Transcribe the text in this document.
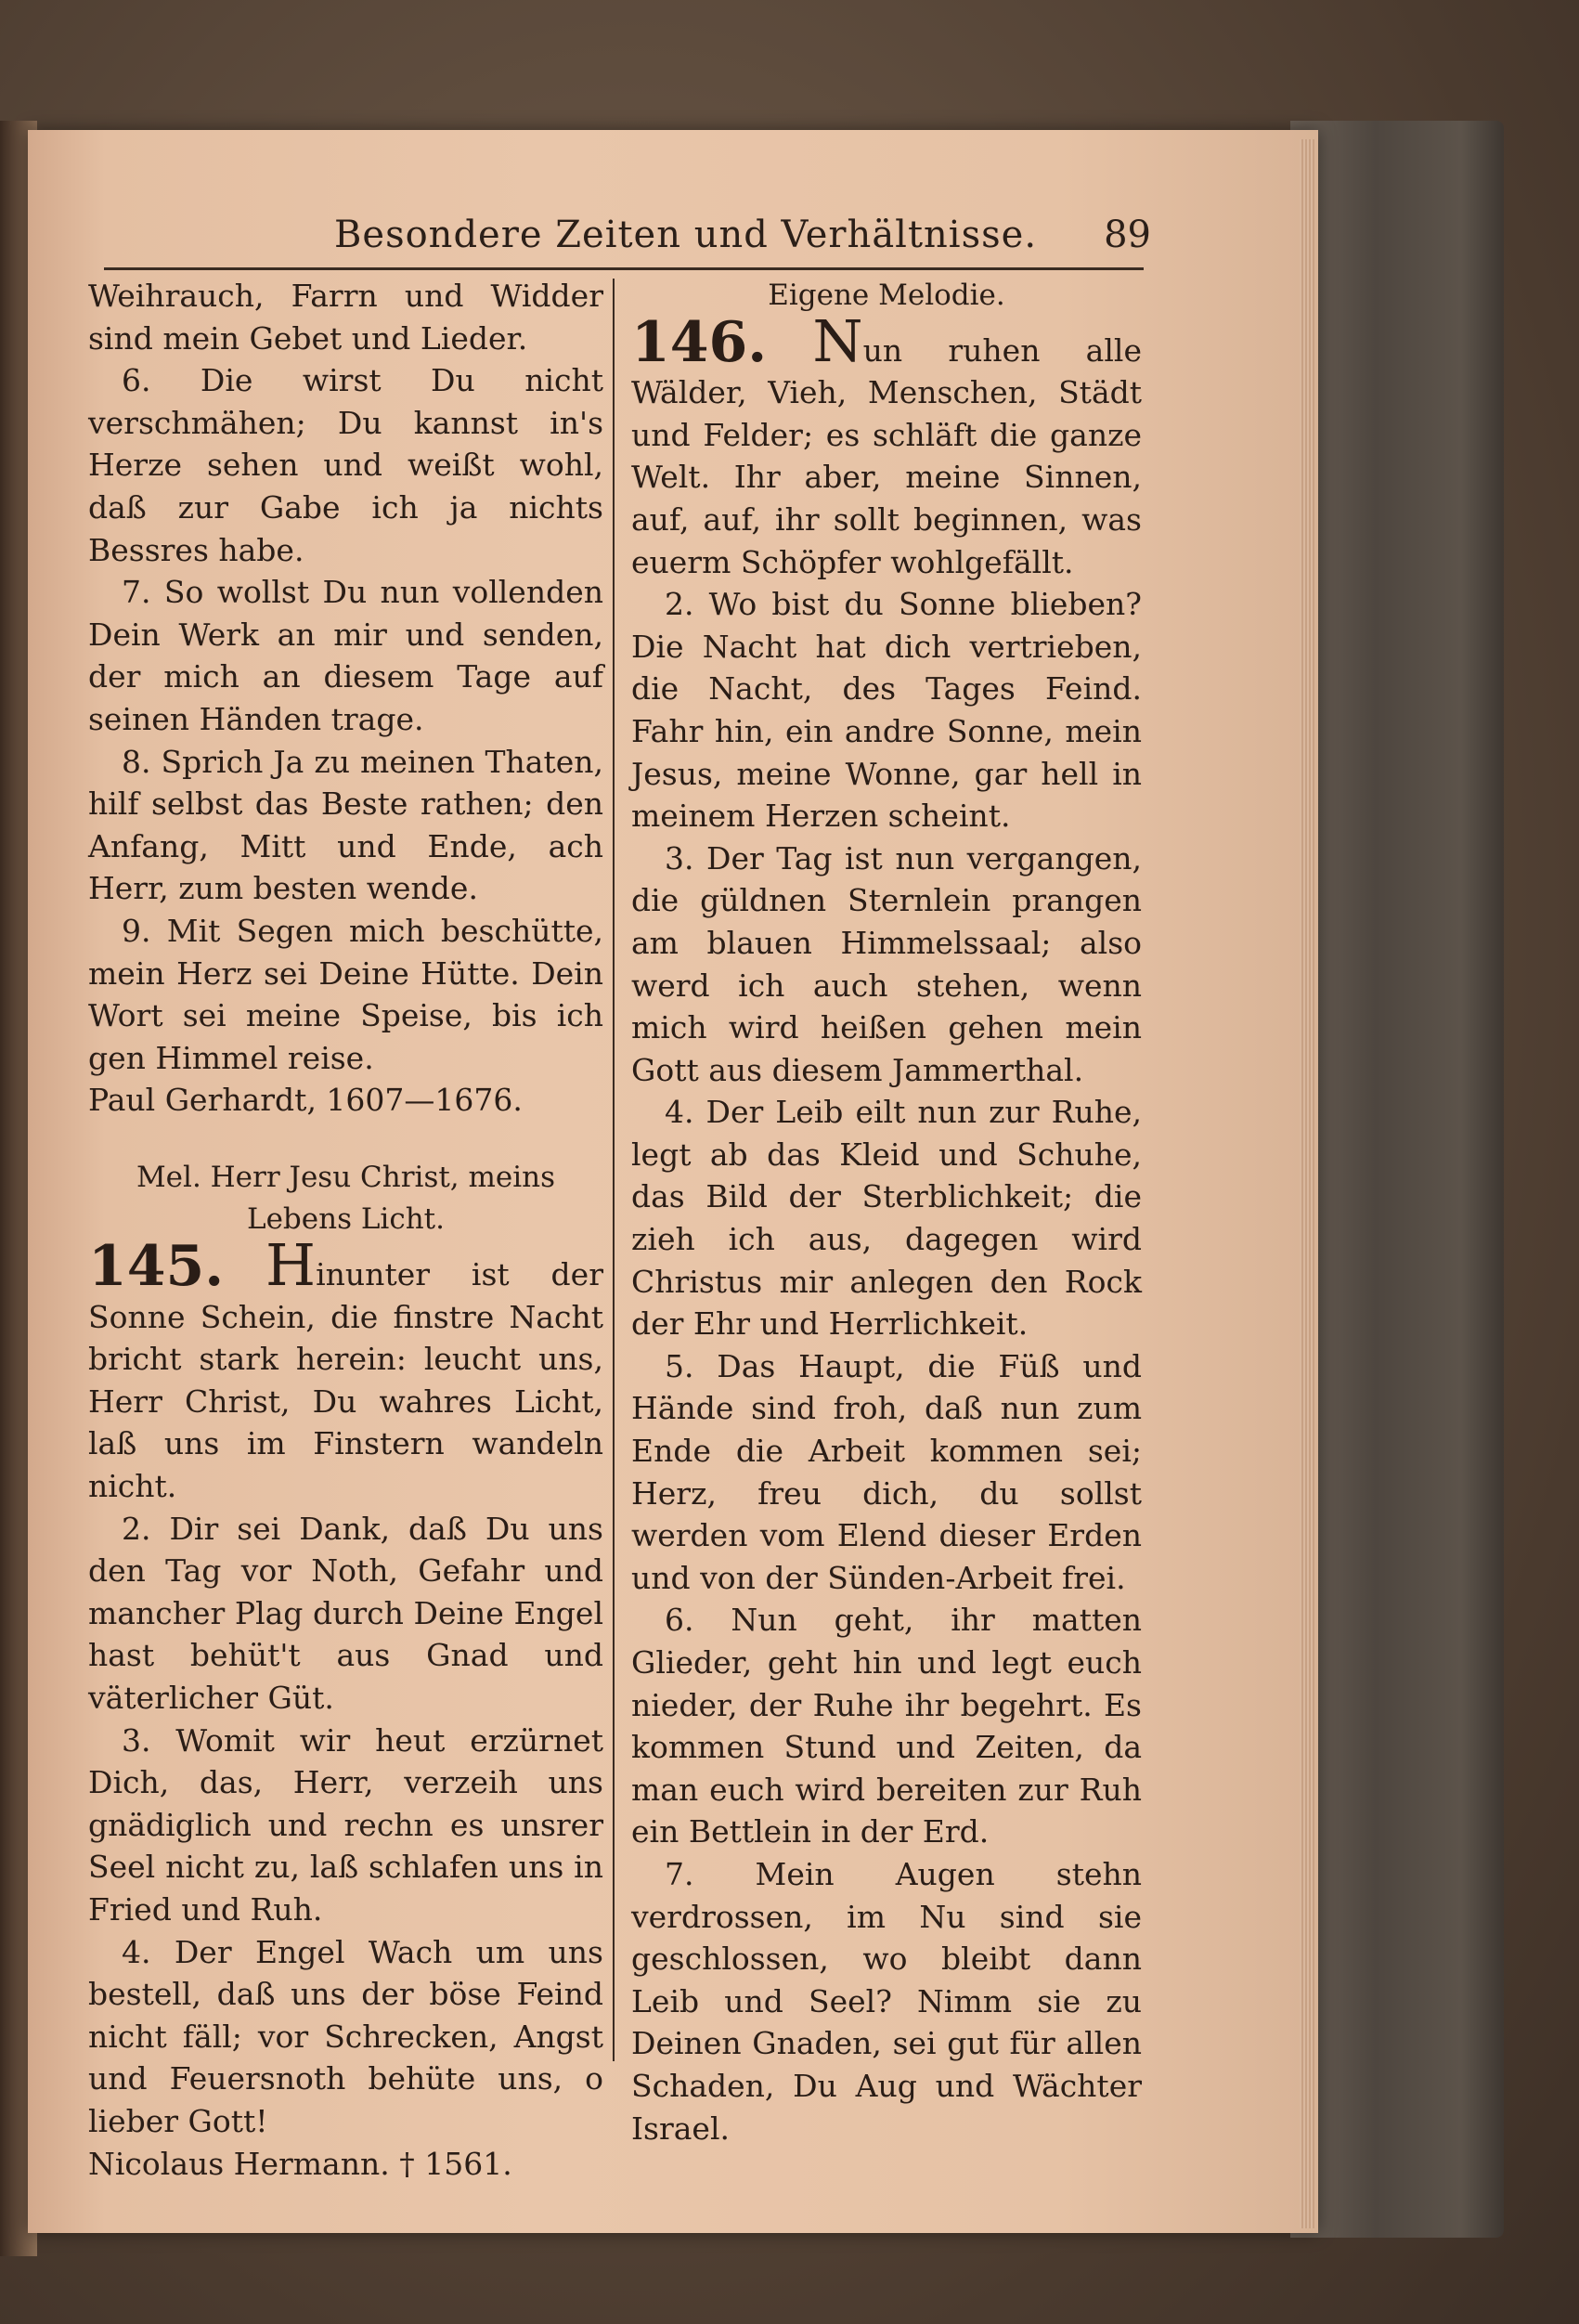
Besondere Zeiten und Verhältnisse. 89

Weihrauch, Farrn und Widder sind mein Gebet und Lieder.

6. Die wirst Du nicht verschmähen; Du kannst in's Herze sehen und weißt wohl, daß zur Gabe ich ja nichts Bessres habe.

7. So wollst Du nun vollenden Dein Werk an mir und senden, der mich an diesem Tage auf seinen Händen trage.

8. Sprich Ja zu meinen Thaten, hilf selbst das Beste rathen; den Anfang, Mitt und Ende, ach Herr, zum besten wende.

9. Mit Segen mich beschütte, mein Herz sei Deine Hütte. Dein Wort sei meine Speise, bis ich gen Himmel reise.

Paul Gerhardt, 1607—1676.

Mel. Herr Jesu Christ, meins Lebens Licht.

145. Hinunter ist der Sonne Schein, die finstre Nacht bricht stark herein: leucht uns, Herr Christ, Du wahres Licht, laß uns im Finstern wandeln nicht.

2. Dir sei Dank, daß Du uns den Tag vor Noth, Gefahr und mancher Plag durch Deine Engel hast behüt't aus Gnad und väterlicher Güt.

3. Womit wir heut erzürnet Dich, das, Herr, verzeih uns gnädiglich und rechn es unsrer Seel nicht zu, laß schlafen uns in Fried und Ruh.

4. Der Engel Wach um uns bestell, daß uns der böse Feind nicht fäll; vor Schrecken, Angst und Feuersnoth behüte uns, o lieber Gott!

Nicolaus Hermann. † 1561.

Eigene Melodie.

146. Nun ruhen alle Wälder, Vieh, Menschen, Städt und Felder; es schläft die ganze Welt. Ihr aber, meine Sinnen, auf, auf, ihr sollt beginnen, was euerm Schöpfer wohlgefällt.

2. Wo bist du Sonne blieben? Die Nacht hat dich vertrieben, die Nacht, des Tages Feind. Fahr hin, ein andre Sonne, mein Jesus, meine Wonne, gar hell in meinem Herzen scheint.

3. Der Tag ist nun vergangen, die güldnen Sternlein prangen am blauen Himmelssaal; also werd ich auch stehen, wenn mich wird heißen gehen mein Gott aus diesem Jammerthal.

4. Der Leib eilt nun zur Ruhe, legt ab das Kleid und Schuhe, das Bild der Sterblichkeit; die zieh ich aus, dagegen wird Christus mir anlegen den Rock der Ehr und Herrlichkeit.

5. Das Haupt, die Füß und Hände sind froh, daß nun zum Ende die Arbeit kommen sei; Herz, freu dich, du sollst werden vom Elend dieser Erden und von der Sünden-Arbeit frei.

6. Nun geht, ihr matten Glieder, geht hin und legt euch nieder, der Ruhe ihr begehrt. Es kommen Stund und Zeiten, da man euch wird bereiten zur Ruh ein Bettlein in der Erd.

7. Mein Augen stehn verdrossen, im Nu sind sie geschlossen, wo bleibt dann Leib und Seel? Nimm sie zu Deinen Gnaden, sei gut für allen Schaden, Du Aug und Wächter Israel.
